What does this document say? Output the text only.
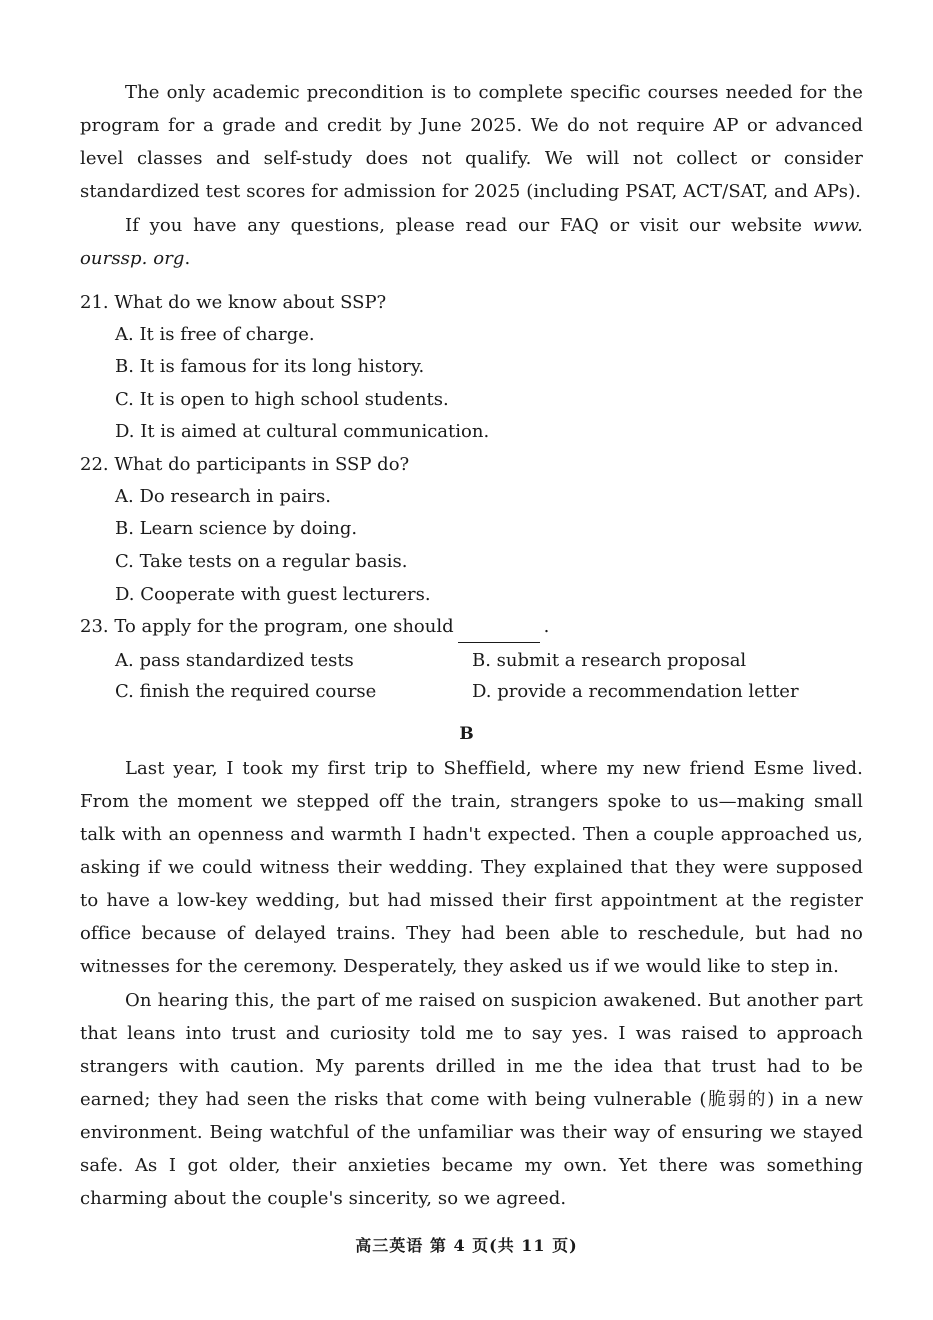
The only academic precondition is to complete specific courses needed for the program for a grade and credit by June 2025. We do not require AP or advanced level classes and self-study does not qualify. We will not collect or consider standardized test scores for admission for 2025 (including PSAT, ACT/SAT, and APs).

If you have any questions, please read our FAQ or visit our website www. ourssp. org.

21. What do we know about SSP?

A. It is free of charge.

B. It is famous for its long history.

C. It is open to high school students.

D. It is aimed at cultural communication.

22. What do participants in SSP do?

A. Do research in pairs.

B. Learn science by doing.

C. Take tests on a regular basis.

D. Cooperate with guest lecturers.

23. To apply for the program, one should	.

A. pass standardized tests	B. submit a research proposal

C. finish the required course	D. provide a recommendation letter

B

Last year, I took my first trip to Sheffield, where my new friend Esme lived. From the moment we stepped off the train, strangers spoke to us—making small talk with an openness and warmth I hadn't expected. Then a couple approached us, asking if we could witness their wedding. They explained that they were supposed to have a low-key wedding, but had missed their first appointment at the register office because of delayed trains. They had been able to reschedule, but had no witnesses for the ceremony. Desperately, they asked us if we would like to step in.

On hearing this, the part of me raised on suspicion awakened. But another part that leans into trust and curiosity told me to say yes. I was raised to approach strangers with caution. My parents drilled in me the idea that trust had to be earned; they had seen the risks that come with being vulnerable (脆弱的) in a new environment. Being watchful of the unfamiliar was their way of ensuring we stayed safe. As I got older, their anxieties became my own. Yet there was something charming about the couple's sincerity, so we agreed.

高三英语 第 4 页(共 11 页)
